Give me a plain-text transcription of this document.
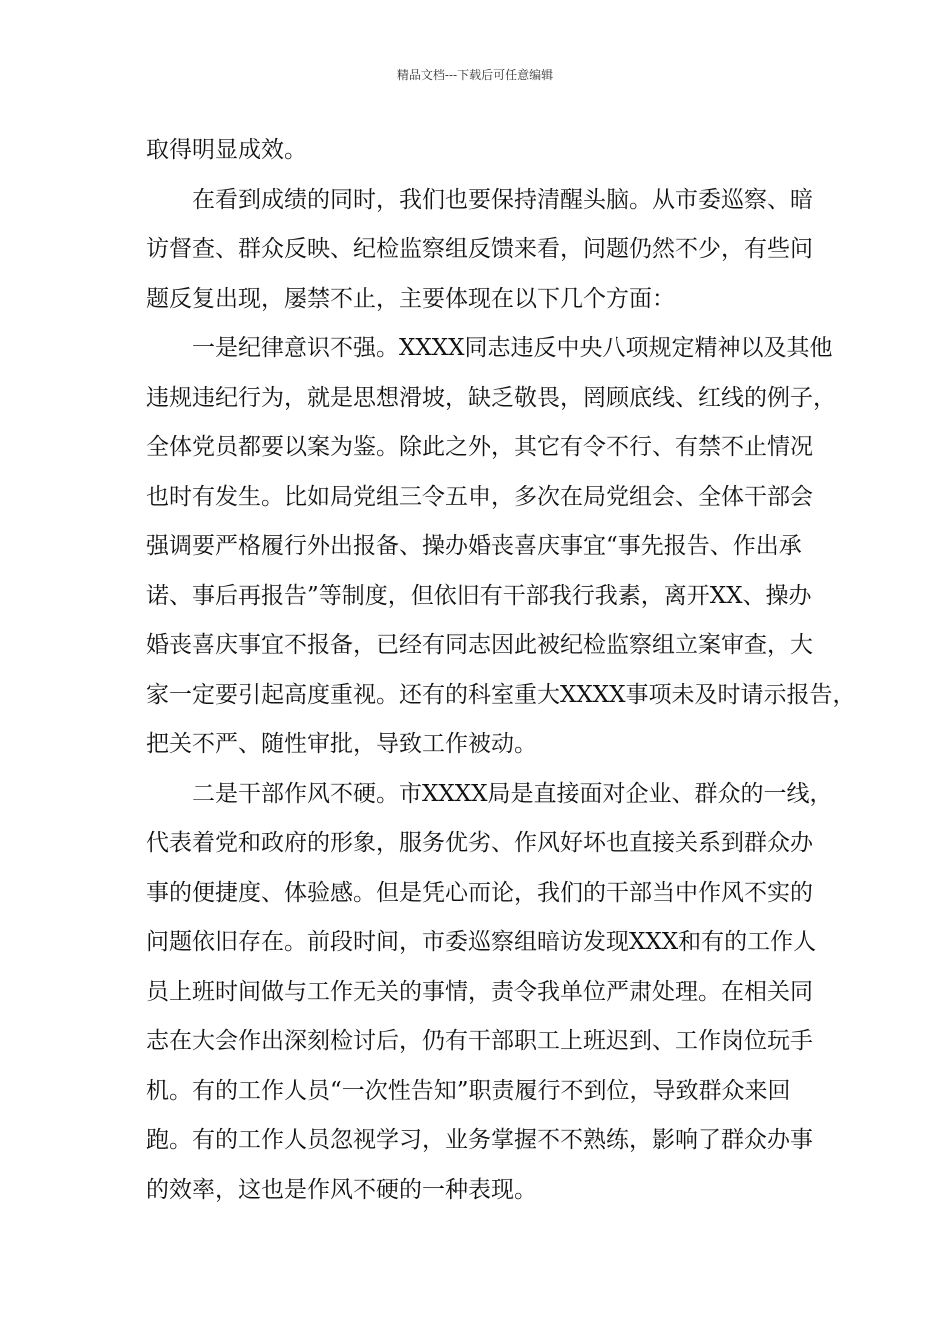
精品文档---下载后可任意编辑
取得明显成效。
在看到成绩的同时，我们也要保持清醒头脑。从市委巡察、暗
访督查、群众反映、纪检监察组反馈来看，问题仍然不少，有些问
题反复出现，屡禁不止，主要体现在以下几个方面：
一是纪律意识不强。XXXX同志违反中央八项规定精神以及其他
违规违纪行为，就是思想滑坡，缺乏敬畏，罔顾底线、红线的例子，
全体党员都要以案为鉴。除此之外，其它有令不行、有禁不止情况
也时有发生。比如局党组三令五申，多次在局党组会、全体干部会
强调要严格履行外出报备、操办婚丧喜庆事宜“事先报告、作出承
诺、事后再报告”等制度，但依旧有干部我行我素，离开XX、操办
婚丧喜庆事宜不报备，已经有同志因此被纪检监察组立案审查，大
家一定要引起高度重视。还有的科室重大XXXX事项未及时请示报告，
把关不严、随性审批，导致工作被动。
二是干部作风不硬。市XXXX局是直接面对企业、群众的一线，
代表着党和政府的形象，服务优劣、作风好坏也直接关系到群众办
事的便捷度、体验感。但是凭心而论，我们的干部当中作风不实的
问题依旧存在。前段时间，市委巡察组暗访发现XXX和有的工作人
员上班时间做与工作无关的事情，责令我单位严肃处理。在相关同
志在大会作出深刻检讨后，仍有干部职工上班迟到、工作岗位玩手
机。有的工作人员“一次性告知”职责履行不到位，导致群众来回
跑。有的工作人员忽视学习，业务掌握不不熟练，影响了群众办事
的效率，这也是作风不硬的一种表现。
